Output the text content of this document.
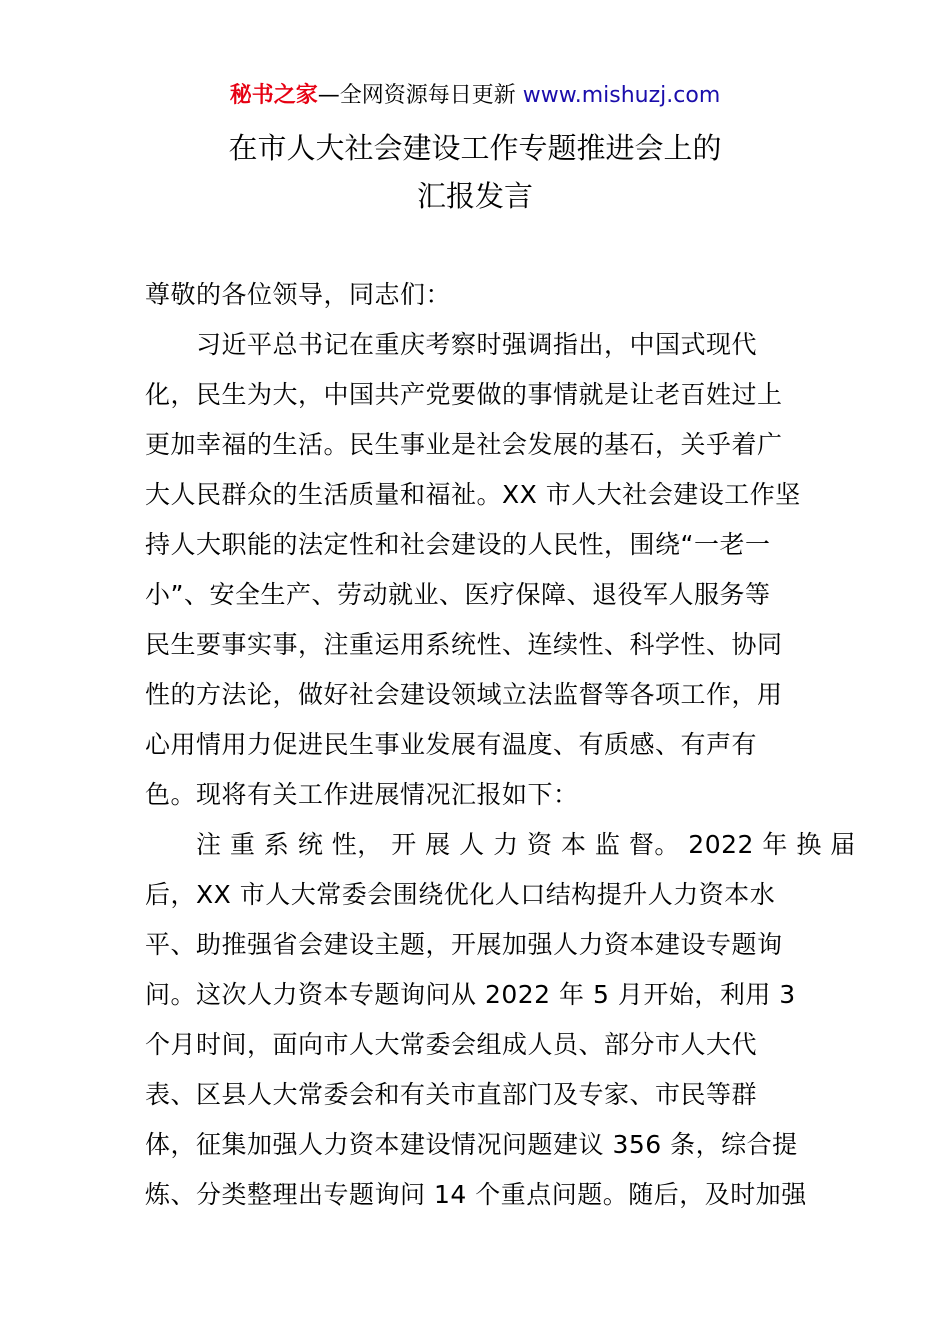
秘书之家—全网资源每日更新 www.mishuzj.com
在市人大社会建设工作专题推进会上的
汇报发言
尊敬的各位领导，同志们：
　　习近平总书记在重庆考察时强调指出，中国式现代
化，民生为大，中国共产党要做的事情就是让老百姓过上
更加幸福的生活。民生事业是社会发展的基石，关乎着广
大人民群众的生活质量和福祉。XX 市人大社会建设工作坚
持人大职能的法定性和社会建设的人民性，围绕“一老一
小”、安全生产、劳动就业、医疗保障、退役军人服务等
民生要事实事，注重运用系统性、连续性、科学性、协同
性的方法论，做好社会建设领域立法监督等各项工作，用
心用情用力促进民生事业发展有温度、有质感、有声有
色。现将有关工作进展情况汇报如下：
　　注 重 系 统 性， 开 展 人 力 资 本 监 督。 2022 年 换 届
后，XX 市人大常委会围绕优化人口结构提升人力资本水
平、助推强省会建设主题，开展加强人力资本建设专题询
问。这次人力资本专题询问从 2022 年 5 月开始，利用 3
个月时间，面向市人大常委会组成人员、部分市人大代
表、区县人大常委会和有关市直部门及专家、市民等群
体，征集加强人力资本建设情况问题建议 356 条，综合提
炼、分类整理出专题询问 14 个重点问题。随后，及时加强
